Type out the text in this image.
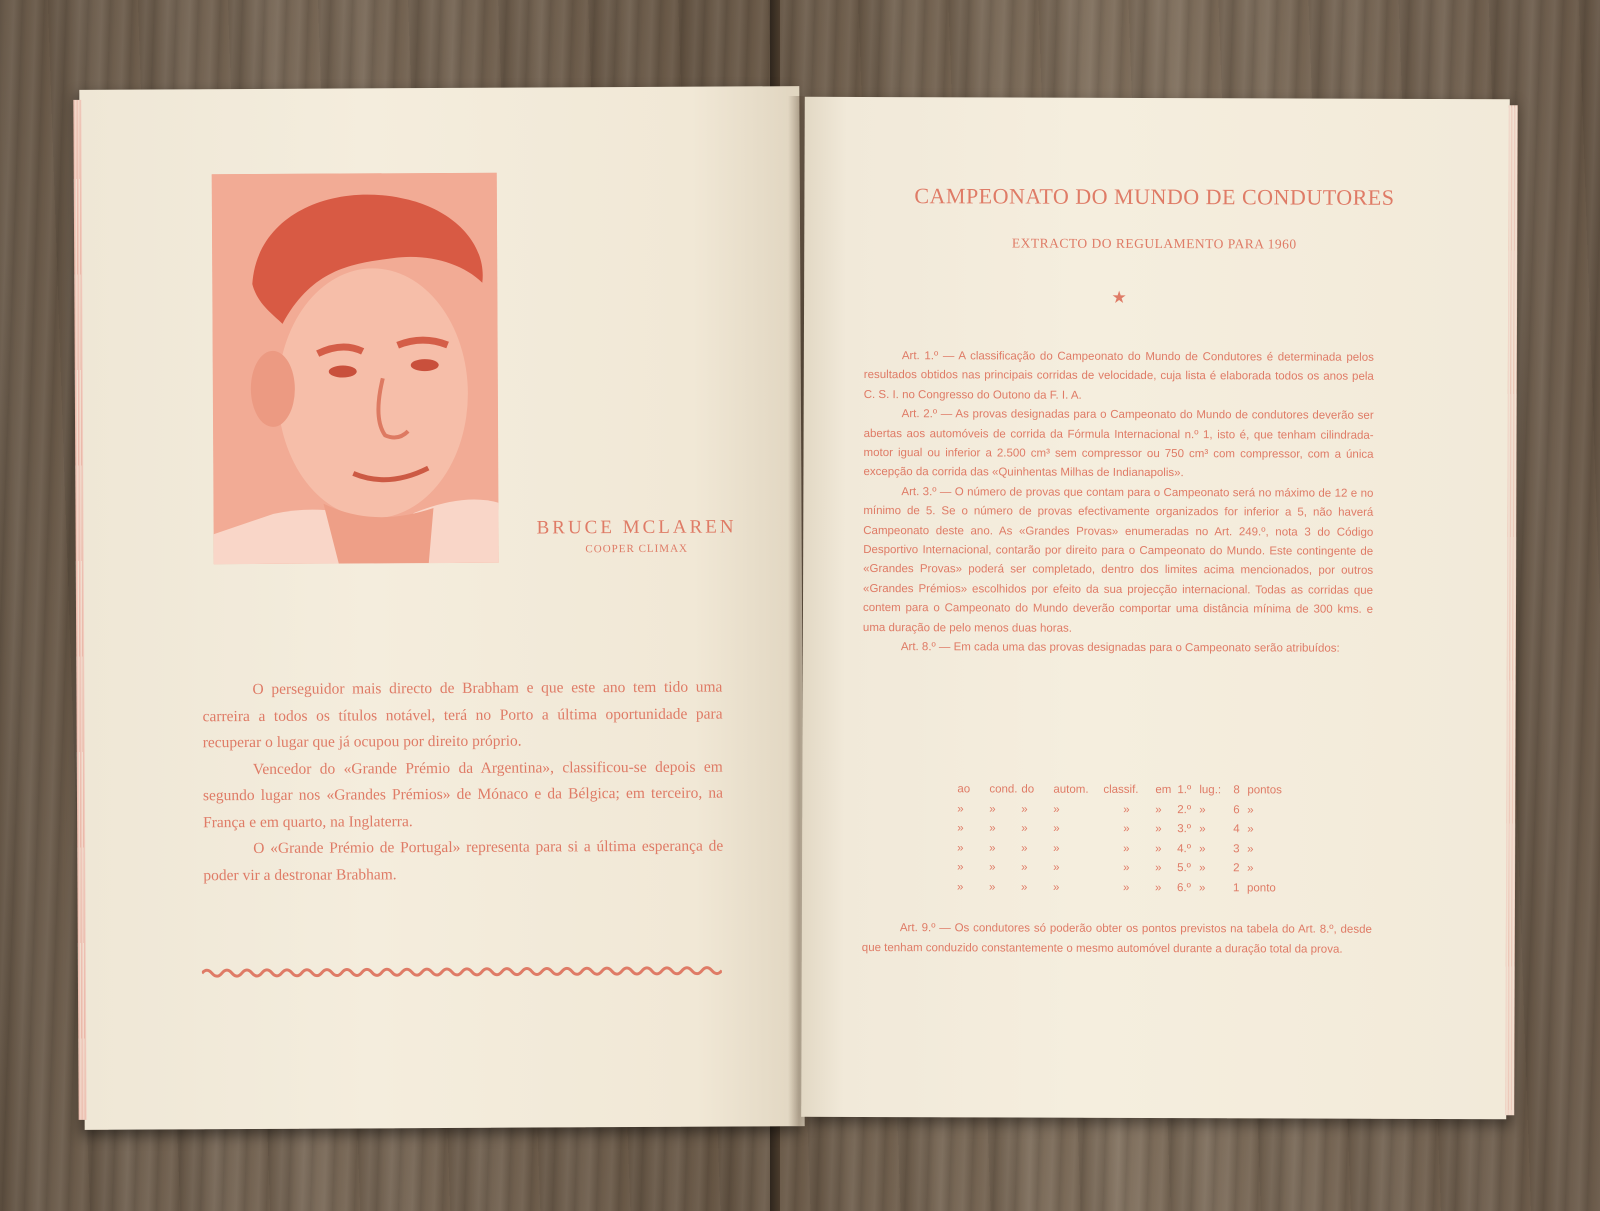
BRUCE MCLAREN
COOPER CLIMAX

O perseguidor mais directo de Brabham e que este ano tem tido uma carreira a todos os títulos notável, terá no Porto a última oportunidade para recuperar o lugar que já ocupou por direito próprio.

Vencedor do «Grande Prémio da Argentina», classificou-se depois em segundo lugar nos «Grandes Prémios» de Mónaco e da Bélgica; em terceiro, na França e em quarto, na Inglaterra.

O «Grande Prémio de Portugal» representa para si a última esperança de poder vir a destronar Brabham.

CAMPEONATO DO MUNDO DE CONDUTORES
EXTRACTO DO REGULAMENTO PARA 1960
★

Art. 1.º — A classificação do Campeonato do Mundo de Condutores é determinada pelos resultados obtidos nas principais corridas de velocidade, cuja lista é elaborada todos os anos pela C. S. I. no Congresso do Outono da F. I. A.

Art. 2.º — As provas designadas para o Campeonato do Mundo de condutores deverão ser abertas aos automóveis de corrida da Fórmula Internacional n.º 1, isto é, que tenham cilindrada-motor igual ou inferior a 2.500 cm³ sem compressor ou 750 cm³ com compressor, com a única excepção da corrida das «Quinhentas Milhas de Indianapolis».

Art. 3.º — O número de provas que contam para o Campeonato será no máximo de 12 e no mínimo de 5. Se o número de provas efectivamente organizados for inferior a 5, não haverá Campeonato deste ano. As «Grandes Provas» enumeradas no Art. 249.º, nota 3 do Código Desportivo Internacional, contarão por direito para o Campeonato do Mundo. Este contingente de «Grandes Provas» poderá ser completado, dentro dos limites acima mencionados, por outros «Grandes Prémios» escolhidos por efeito da sua projecção internacional. Todas as corridas que contem para o Campeonato do Mundo deverão comportar uma distância mínima de 300 kms. e uma duração de pelo menos duas horas.

Art. 8.º — Em cada uma das provas designadas para o Campeonato serão atribuídos:

ao	cond.	do	autom.	classif.	em	1.º	lug.:	8	pontos
»	»	»	»	»	»	2.º	»	6	»
»	»	»	»	»	»	3.º	»	4	»
»	»	»	»	»	»	4.º	»	3	»
»	»	»	»	»	»	5.º	»	2	»
»	»	»	»	»	»	6.º	»	1	ponto

Art. 9.º — Os condutores só poderão obter os pontos previstos na tabela do Art. 8.º, desde que tenham conduzido constantemente o mesmo automóvel durante a duração total da prova.
